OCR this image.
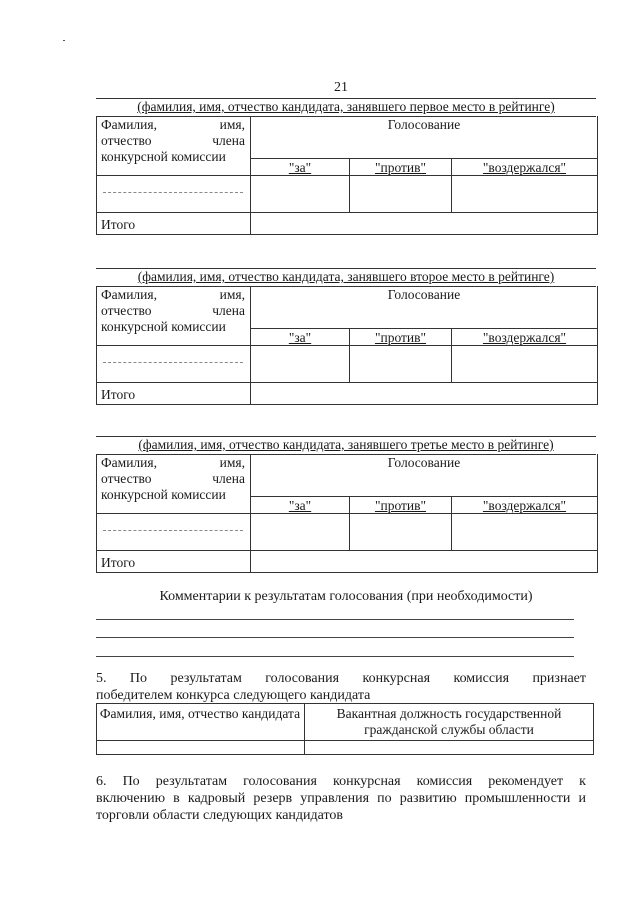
21
(фамилия, имя, отчество кандидата, занявшего первое место в рейтинге)
Фамилия, имя,
отчество члена
конкурсной комиссии
Голосование
"за"	"против"	"воздержался"
Итого
(фамилия, имя, отчество кандидата, занявшего второе место в рейтинге)
Фамилия, имя,
отчество члена
конкурсной комиссии
Голосование
"за"	"против"	"воздержался"
Итого
(фамилия, имя, отчество кандидата, занявшего третье место в рейтинге)
Фамилия, имя,
отчество члена
конкурсной комиссии
Голосование
"за"	"против"	"воздержался"
Итого
Комментарии к результатам голосования (при необходимости)
5. По результатам голосования конкурсная комиссия признает
победителем конкурса следующего кандидата
Фамилия, имя, отчество кандидата	Вакантная должность государственной гражданской службы области
6. По результатам голосования конкурсная комиссия рекомендует к
включению в кадровый резерв управления по развитию промышленности и
торговли области следующих кандидатов
